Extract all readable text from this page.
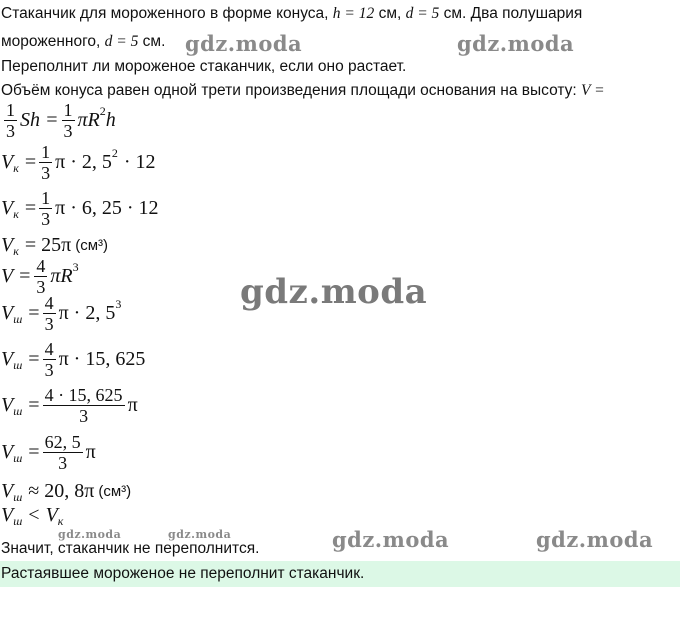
Стаканчик для мороженного в форме конуса, h = 12 см, d = 5 см. Два полушария
мороженного, d = 5 см.
Переполнит ли мороженое стаканчик, если оно растает.
Объём конуса равен одной трети произведения площади основания на высоту: V =
$\frac{1}{3}$ $Sh = \frac{1}{3}$ πR 2 h
V $к = \frac{1}{3}$ π · 2, 5 2 · 12
V $к = \frac{1}{3}$ π · 6, 25 · 12
V к = 25π (см³)
$V = \frac{4}{3}$ πR 3
V $ш = \frac{4}{3}$ π · 2, 5 3
V $ш = \frac{4}{3}$ π · 15, 625
V $ш = \frac{4 \cdot 15, 625}{3}$ π
V $ш = \frac{62, 5}{3}$ π
V ш ≈ 20, 8π (см³)
V ш < V к
Значит, стаканчик не переполнится.
Растаявшее мороженое не переполнит стаканчик.
gdz.moda	gdz.moda
gdz.moda
gdz.moda	gdz.moda	gdz.moda	gdz.moda
